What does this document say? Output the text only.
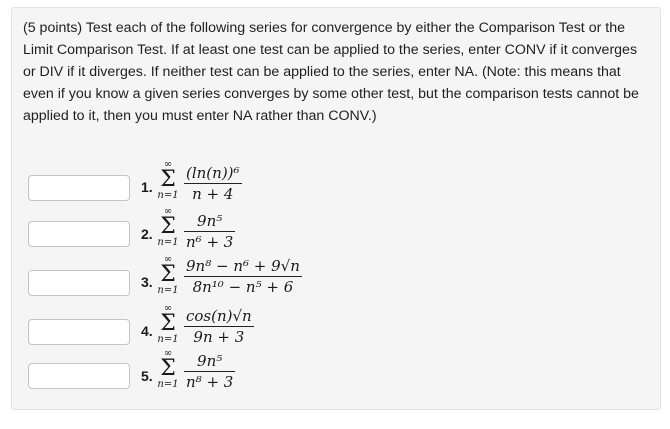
(5 points) Test each of the following series for convergence by either the Comparison Test or the Limit Comparison Test. If at least one test can be applied to the series, enter CONV if it converges or DIV if it diverges. If neither test can be applied to the series, enter NA. (Note: this means that even if you know a given series converges by some other test, but the comparison tests cannot be applied to it, then you must enter NA rather than CONV.)
1.
∞
Σ
$n=1 \frac{\text{(ln(n))⁶}}{n + 4}$
2.
∞
Σ
$n=1 \frac{\text{9n⁵}}{\text{n⁶ + 3}}$
3.
∞
Σ
$n=1 \frac{\text{9n⁸ − n⁶ + 9√n}}{\text{8n¹⁰ − n⁵ + 6}}$
4.
∞
Σ
$n=1 \frac{\cos(n)√n}{9n + 3}$
5.
∞
Σ
$n=1 \frac{\text{9n⁵}}{\text{n⁸ + 3}}$
